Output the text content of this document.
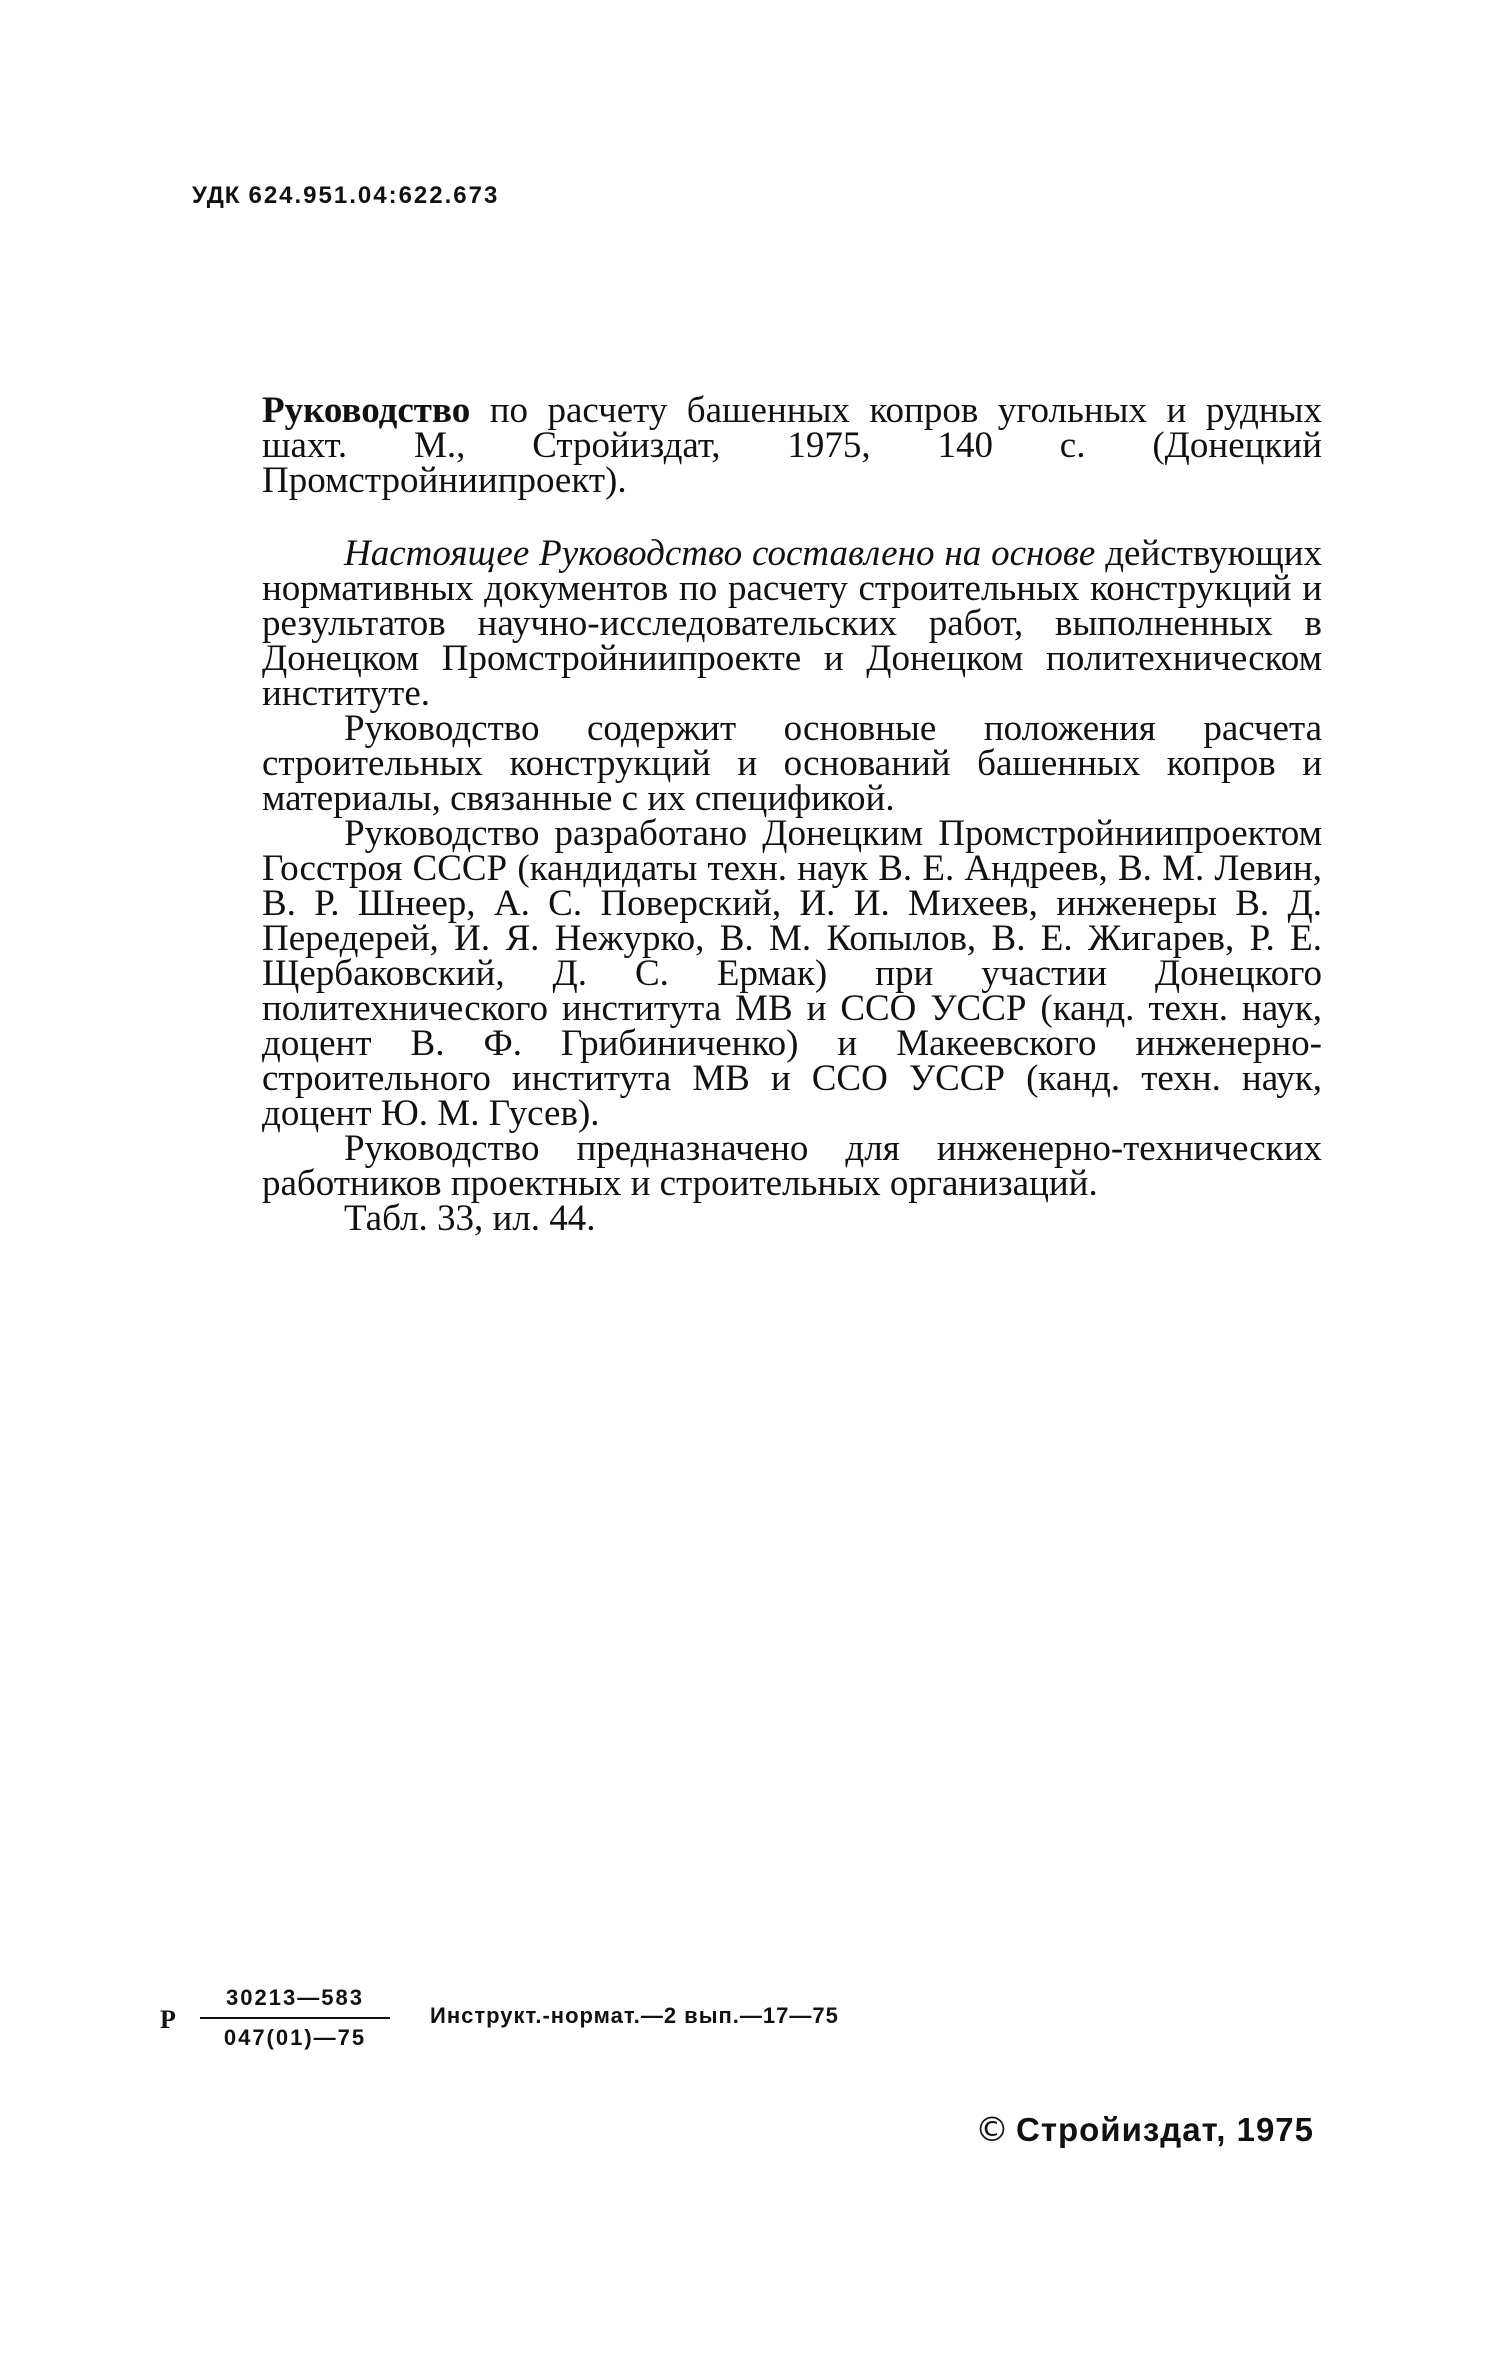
УДК 624.951.04:622.673
Руководство по расчету башенных копров угольных и рудных шахт. М., Стройиздат, 1975, 140 с. (Донецкий Промстройниипроект).

Настоящее Руководство составлено на основе действующих нормативных документов по расчету строительных конструкций и результатов научно-исследовательских работ, выполненных в Донецком Промстройниипроекте и Донецком политехническом институте.

Руководство содержит основные положения расчета строительных конструкций и оснований башенных копров и материалы, связанные с их спецификой.

Руководство разработано Донецким Промстройниипроектом Госстроя СССР (кандидаты техн. наук В. Е. Андреев, В. М. Левин, В. Р. Шнеер, А. С. Поверский, И. И. Михеев, инженеры В. Д. Передерей, И. Я. Нежурко, В. М. Копылов, В. Е. Жигарев, Р. Е. Щербаковский, Д. С. Ермак) при участии Донецкого политехнического института МВ и ССО УССР (канд. техн. наук, доцент В. Ф. Грибиниченко) и Макеевского инженерно-строительного института МВ и ССО УССР (канд. техн. наук, доцент Ю. М. Гусев).

Руководство предназначено для инженерно-технических работников проектных и строительных организаций.

Табл. 33, ил. 44.

Р
30213—583
047(01)—75
Инструкт.-нормат.—2 вып.—17—75
© Стройиздат, 1975
